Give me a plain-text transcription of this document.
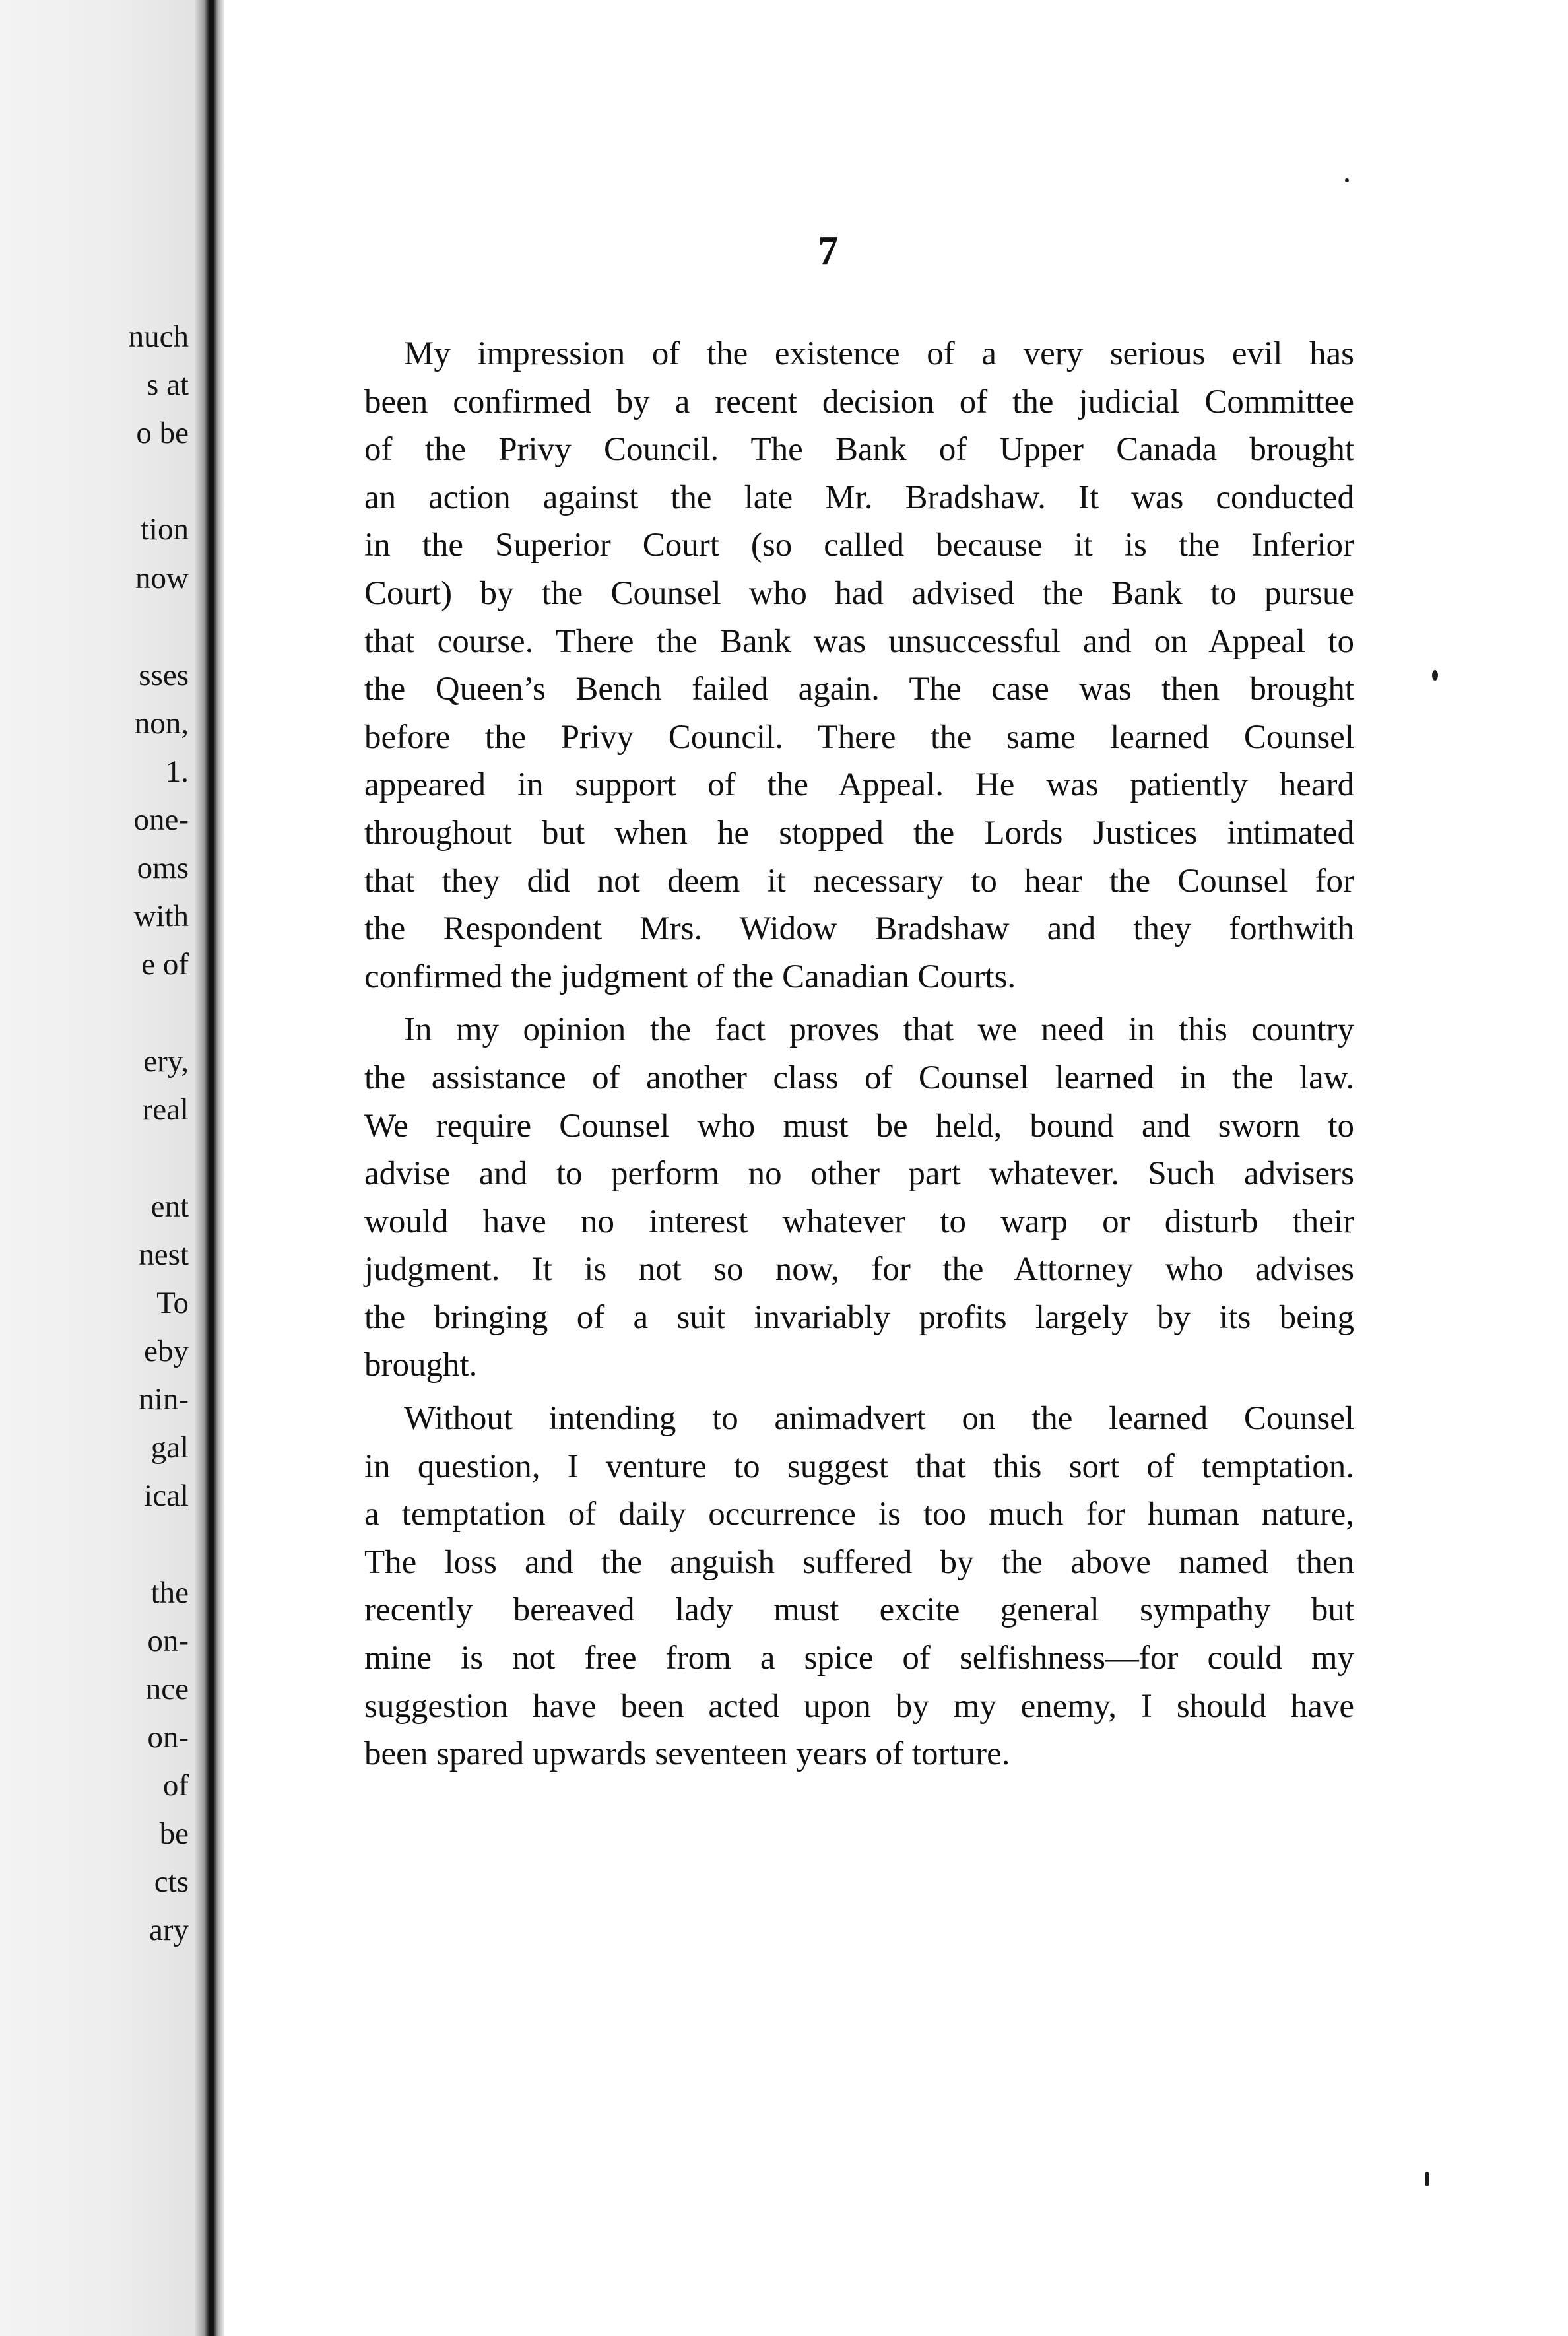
nuch
s at
o be
tion
now
sses
non,
1.
one-
oms
with
e of
ery,
real
ent
nest
To
eby
nin-
gal
ical
the
on-
nce
on-
of
be
cts
ary
7
My impression of the existence of a very serious evil has
been confirmed by a recent decision of the judicial Committee
of the Privy Council. The Bank of Upper Canada brought
an action against the late Mr. Bradshaw. It was conducted
in the Superior Court (so called because it is the Inferior
Court) by the Counsel who had advised the Bank to pursue
that course. There the Bank was unsuccessful and on Appeal to
the Queen’s Bench failed again. The case was then brought
before the Privy Council. There the same learned Counsel
appeared in support of the Appeal. He was patiently heard
throughout but when he stopped the Lords Justices intimated
that they did not deem it necessary to hear the Counsel for
the Respondent Mrs. Widow Bradshaw and they forthwith
confirmed the judgment of the Canadian Courts.
In my opinion the fact proves that we need in this country
the assistance of another class of Counsel learned in the law.
We require Counsel who must be held, bound and sworn to
advise and to perform no other part whatever. Such advisers
would have no interest whatever to warp or disturb their
judgment. It is not so now, for the Attorney who advises
the bringing of a suit invariably profits largely by its being
brought.
Without intending to animadvert on the learned Counsel
in question, I venture to suggest that this sort of temptation.
a temptation of daily occurrence is too much for human nature,
The loss and the anguish suffered by the above named then
recently bereaved lady must excite general sympathy but
mine is not free from a spice of selfishness—for could my
suggestion have been acted upon by my enemy, I should have
been spared upwards seventeen years of torture.
